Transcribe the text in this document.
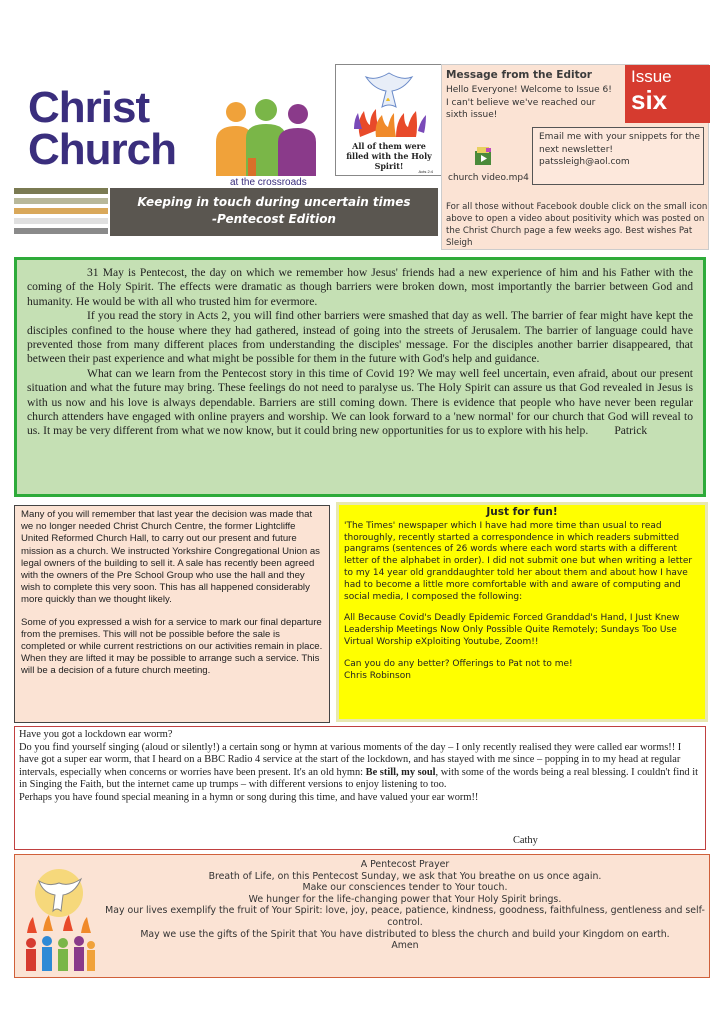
Christ
Church
at the crossroads
Keeping in touch during uncertain times
-Pentecost Edition
All of them were filled with the Holy Spirit!
Acts 2:4
Message from the Editor
Hello Everyone! Welcome to Issue 6! I can't believe we've reached our sixth issue!
Issue
six
Email me with your snippets for the next newsletter!
patssleigh@aol.com
church video.mp4
For all those without Facebook double click on the small icon above to open a video about positivity which was posted on the Christ Church page a few weeks ago. Best wishes Pat Sleigh

31 May is Pentecost, the day on which we remember how Jesus' friends had a new experience of him and his Father with the coming of the Holy Spirit. The effects were dramatic as though barriers were broken down, most importantly the barrier between God and humanity. He would be with all who trusted him for evermore.

If you read the story in Acts 2, you will find other barriers were smashed that day as well. The barrier of fear might have kept the disciples confined to the house where they had gathered, instead of going into the streets of Jerusalem. The barrier of language could have prevented those from many different places from understanding the disciples' message. For the disciples another barrier disappeared, that between their past experience and what might be possible for them in the future with God's help and guidance.

What can we learn from the Pentecost story in this time of Covid 19? We may well feel uncertain, even afraid, about our present situation and what the future may bring. These feelings do not need to paralyse us. The Holy Spirit can assure us that God revealed in Jesus is with us now and his love is always dependable. Barriers are still coming down. There is evidence that people who have never been regular church attenders have engaged with online prayers and worship. We can look forward to a 'new normal' for our church that God will reveal to us. It may be very different from what we now know, but it could bring new opportunities for us to explore with his help. Patrick

Many of you will remember that last year the decision was made that we no longer needed Christ Church Centre, the former Lightcliffe United Reformed Church Hall, to carry out our present and future mission as a church. We instructed Yorkshire Congregational Union as legal owners of the building to sell it. A sale has recently been agreed with the owners of the Pre School Group who use the hall and they wish to complete this very soon. This has all happened considerably more quickly than we thought likely.

Some of you expressed a wish for a service to mark our final departure from the premises. This will not be possible before the sale is completed or while current restrictions on our activities remain in place. When they are lifted it may be possible to arrange such a service. This will be a decision of a future church meeting.

Just for fun!

'The Times' newspaper which I have had more time than usual to read thoroughly, recently started a correspondence in which readers submitted pangrams (sentences of 26 words where each word starts with a different letter of the alphabet in order). I did not submit one but when writing a letter to my 14 year old granddaughter told her about them and about how I have had to become a little more comfortable with and aware of computing and social media, I composed the following:

All Because Covid's Deadly Epidemic Forced Granddad's Hand, I Just Knew Leadership Meetings Now Only Possible Quite Remotely; Sundays Too Use Virtual Worship eXploiting Youtube, Zoom!!

Can you do any better? Offerings to Pat not to me!
Chris Robinson

Have you got a lockdown ear worm?

Do you find yourself singing (aloud or silently!) a certain song or hymn at various moments of the day – I only recently realised they were called ear worms!! I have got a super ear worm, that I heard on a BBC Radio 4 service at the start of the lockdown, and has stayed with me since – popping in to my head at regular intervals, especially when concerns or worries have been present. It's an old hymn: Be still, my soul, with some of the words being a real blessing. I couldn't find it in Singing the Faith, but the internet came up trumps – with different versions to enjoy listening to too.

Perhaps you have found special meaning in a hymn or song during this time, and have valued your ear worm!!

Cathy
A Pentecost Prayer
Breath of Life, on this Pentecost Sunday, we ask that You breathe on us once again.
Make our consciences tender to Your touch.
We hunger for the life-changing power that Your Holy Spirit brings.
May our lives exemplify the fruit of Your Spirit: love, joy, peace, patience, kindness, goodness, faithfulness, gentleness and self-control.
May we use the gifts of the Spirit that You have distributed to bless the church and build your Kingdom on earth.
Amen
